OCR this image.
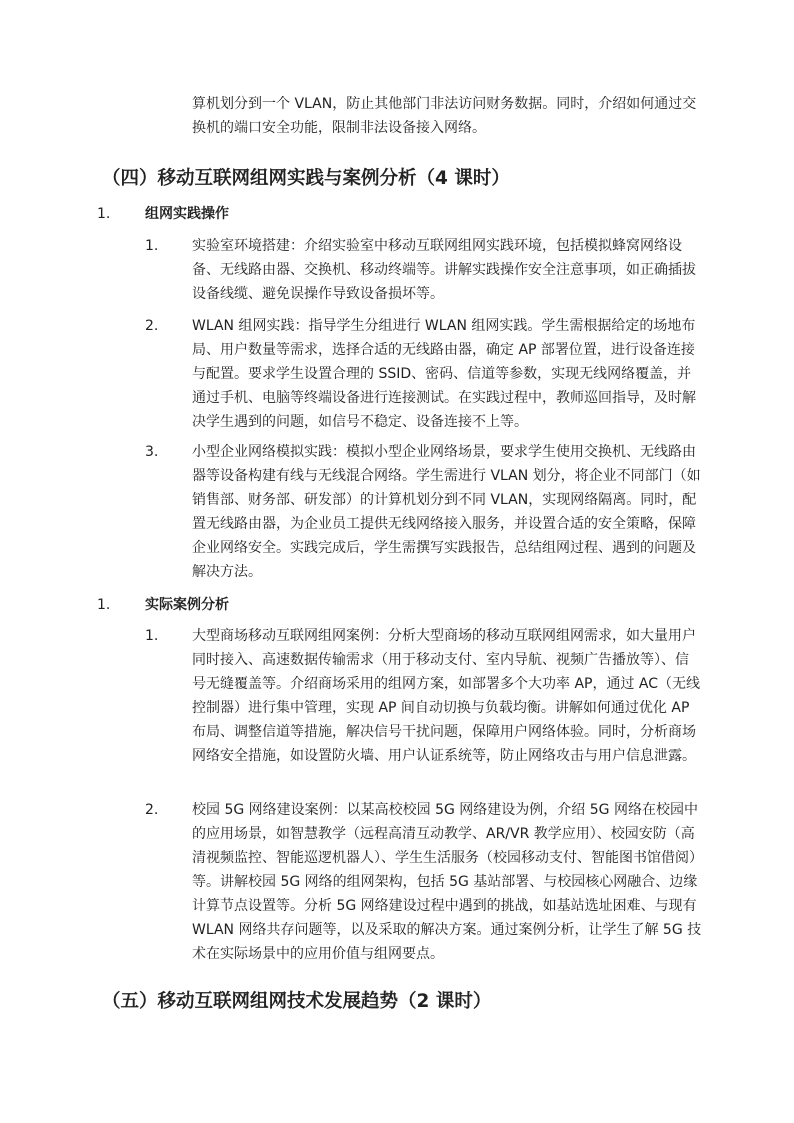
算机划分到一个 VLAN，防止其他部门非法访问财务数据。同时，介绍如何通过交换机的端口安全功能，限制非法设备接入网络。

（四）移动互联网组网实践与案例分析（4 课时）
1. 组网实践操作
1. 实验室环境搭建：介绍实验室中移动互联网组网实践环境，包括模拟蜂窝网络设备、无线路由器、交换机、移动终端等。讲解实践操作安全注意事项，如正确插拔设备线缆、避免误操作导致设备损坏等。

2. WLAN 组网实践：指导学生分组进行 WLAN 组网实践。学生需根据给定的场地布局、用户数量等需求，选择合适的无线路由器，确定 AP 部署位置，进行设备连接与配置。要求学生设置合理的 SSID、密码、信道等参数，实现无线网络覆盖，并通过手机、电脑等终端设备进行连接测试。在实践过程中，教师巡回指导，及时解决学生遇到的问题，如信号不稳定、设备连接不上等。

3. 小型企业网络模拟实践：模拟小型企业网络场景，要求学生使用交换机、无线路由器等设备构建有线与无线混合网络。学生需进行 VLAN 划分，将企业不同部门（如销售部、财务部、研发部）的计算机划分到不同 VLAN，实现网络隔离。同时，配置无线路由器，为企业员工提供无线网络接入服务，并设置合适的安全策略，保障企业网络安全。实践完成后，学生需撰写实践报告，总结组网过程、遇到的问题及解决方法。

1. 实际案例分析
1. 大型商场移动互联网组网案例：分析大型商场的移动互联网组网需求，如大量用户同时接入、高速数据传输需求（用于移动支付、室内导航、视频广告播放等）、信号无缝覆盖等。介绍商场采用的组网方案，如部署多个大功率 AP，通过 AC（无线控制器）进行集中管理，实现 AP 间自动切换与负载均衡。讲解如何通过优化 AP 布局、调整信道等措施，解决信号干扰问题，保障用户网络体验。同时，分析商场网络安全措施，如设置防火墙、用户认证系统等，防止网络攻击与用户信息泄露。

2. 校园 5G 网络建设案例：以某高校校园 5G 网络建设为例，介绍 5G 网络在校园中的应用场景，如智慧教学（远程高清互动教学、AR/VR 教学应用）、校园安防（高清视频监控、智能巡逻机器人）、学生生活服务（校园移动支付、智能图书馆借阅）等。讲解校园 5G 网络的组网架构，包括 5G 基站部署、与校园核心网融合、边缘计算节点设置等。分析 5G 网络建设过程中遇到的挑战，如基站选址困难、与现有 WLAN 网络共存问题等，以及采取的解决方案。通过案例分析，让学生了解 5G 技术在实际场景中的应用价值与组网要点。

（五）移动互联网组网技术发展趋势（2 课时）
